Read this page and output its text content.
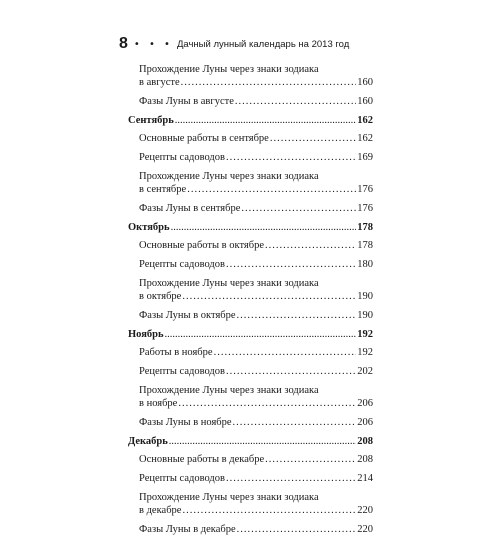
8 • • • Дачный лунный календарь на 2013 год
Прохождение Луны через знаки зодиака
в августе .....	160
Фазы Луны в августе .....	160
Сентябрь .....	162
Основные работы в сентябре .....	162
Рецепты садоводов .....	169
Прохождение Луны через знаки зодиака
в сентябре .....	176
Фазы Луны в сентябре .....	176
Октябрь .....	178
Основные работы в октябре .....	178
Рецепты садоводов .....	180
Прохождение Луны через знаки зодиака
в октябре .....	190
Фазы Луны в октябре .....	190
Ноябрь .....	192
Работы в ноябре .....	192
Рецепты садоводов .....	202
Прохождение Луны через знаки зодиака
в ноябре .....	206
Фазы Луны в ноябре .....	206
Декабрь .....	208
Основные работы в декабре .....	208
Рецепты садоводов .....	214
Прохождение Луны через знаки зодиака
в декабре .....	220
Фазы Луны в декабре .....	220
